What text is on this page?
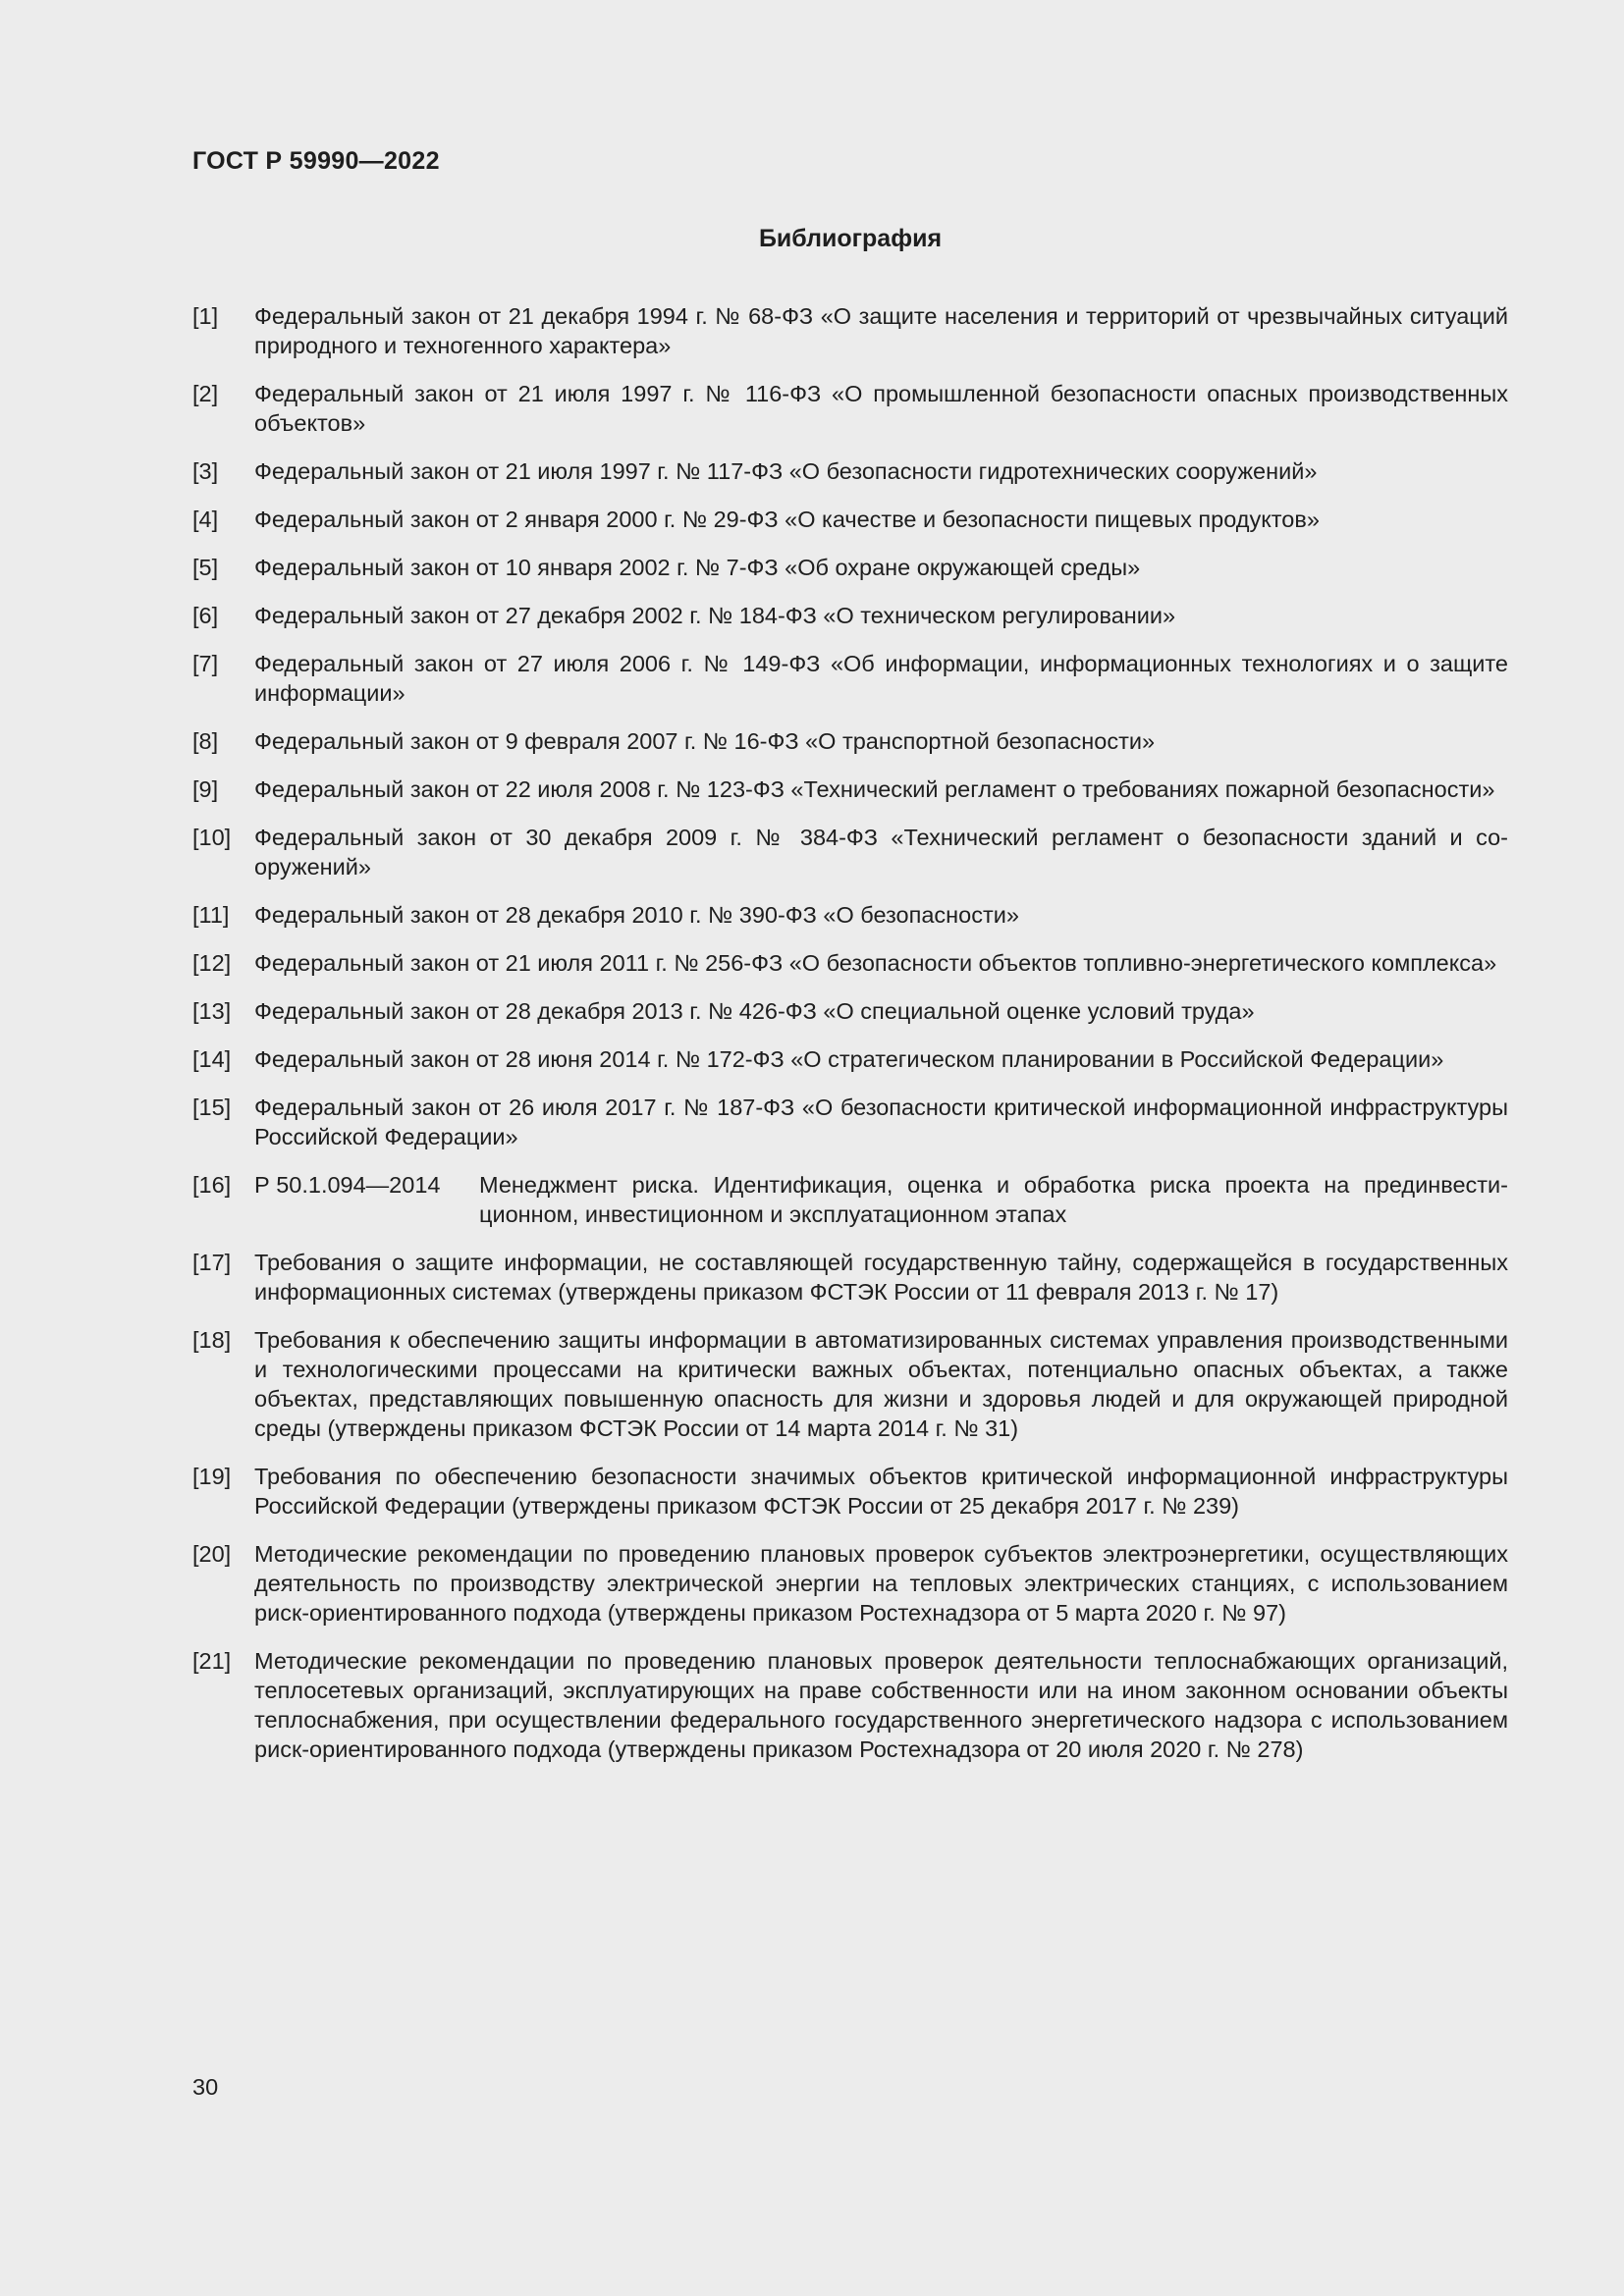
ГОСТ Р 59990—2022
Библиография
[1]	Федеральный закон от 21 декабря 1994 г. № 68-ФЗ «О защите населения и территорий от чрезвычайных ситуаций природного и техногенного характера»
[2]	Федеральный закон от 21 июля 1997 г. № 116-ФЗ «О промышленной безопасности опасных производственных объектов»
[3]	Федеральный закон от 21 июля 1997 г. № 117-ФЗ «О безопасности гидротехнических сооружений»
[4]	Федеральный закон от 2 января 2000 г. № 29-ФЗ «О качестве и безопасности пищевых продуктов»
[5]	Федеральный закон от 10 января 2002 г. № 7-ФЗ «Об охране окружающей среды»
[6]	Федеральный закон от 27 декабря 2002 г. № 184-ФЗ «О техническом регулировании»
[7]	Федеральный закон от 27 июля 2006 г. № 149-ФЗ «Об информации, информационных технологиях и о защите информации»
[8]	Федеральный закон от 9 февраля 2007 г. № 16-ФЗ «О транспортной безопасности»
[9]	Федеральный закон от 22 июля 2008 г. № 123-ФЗ «Технический регламент о требованиях пожарной безопасности»
[10]	Федеральный закон от 30 декабря 2009 г. № 384-ФЗ «Технический регламент о безопасности зданий и сооружений»
[11]	Федеральный закон от 28 декабря 2010 г. № 390-ФЗ «О безопасности»
[12]	Федеральный закон от 21 июля 2011 г. № 256-ФЗ «О безопасности объектов топливно-энергетического комплекса»
[13]	Федеральный закон от 28 декабря 2013 г. № 426-ФЗ «О специальной оценке условий труда»
[14]	Федеральный закон от 28 июня 2014 г. № 172-ФЗ «О стратегическом планировании в Российской Федерации»
[15]	Федеральный закон от 26 июля 2017 г. № 187-ФЗ «О безопасности критической информационной инфраструктуры Российской Федерации»
[16]	Р 50.1.094—2014	Менеджмент риска. Идентификация, оценка и обработка риска проекта на прединвестиционном, инвестиционном и эксплуатационном этапах
[17]	Требования о защите информации, не составляющей государственную тайну, содержащейся в государственных информационных системах (утверждены приказом ФСТЭК России от 11 февраля 2013 г. № 17)
[18]	Требования к обеспечению защиты информации в автоматизированных системах управления производственными и технологическими процессами на критически важных объектах, потенциально опасных объектах, а также объектах, представляющих повышенную опасность для жизни и здоровья людей и для окружающей природной среды (утверждены приказом ФСТЭК России от 14 марта 2014 г. № 31)
[19]	Требования по обеспечению безопасности значимых объектов критической информационной инфраструктуры Российской Федерации (утверждены приказом ФСТЭК России от 25 декабря 2017 г. № 239)
[20]	Методические рекомендации по проведению плановых проверок субъектов электроэнергетики, осуществляющих деятельность по производству электрической энергии на тепловых электрических станциях, с использованием риск-ориентированного подхода (утверждены приказом Ростехнадзора от 5 марта 2020 г. № 97)
[21]	Методические рекомендации по проведению плановых проверок деятельности теплоснабжающих организаций, теплосетевых организаций, эксплуатирующих на праве собственности или на ином законном основании объекты теплоснабжения, при осуществлении федерального государственного энергетического надзора с использованием риск-ориентированного подхода (утверждены приказом Ростехнадзора от 20 июля 2020 г. № 278)
30
